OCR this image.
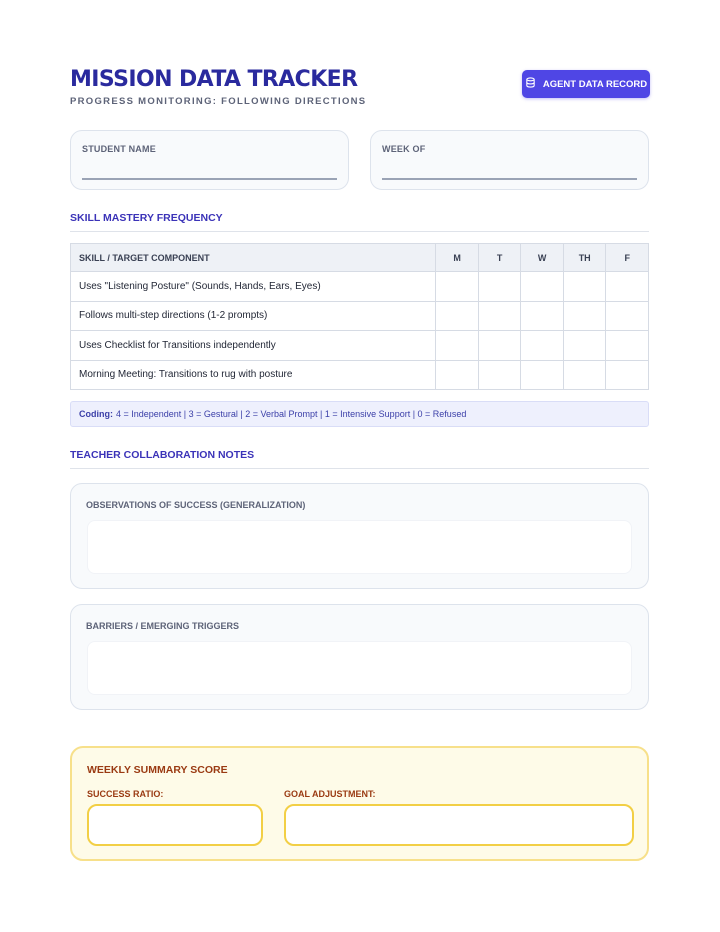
MISSION DATA TRACKER
PROGRESS MONITORING: FOLLOWING DIRECTIONS
AGENT DATA RECORD
STUDENT NAME	WEEK OF
SKILL MASTERY FREQUENCY
SKILL / TARGET COMPONENT	M	T	W	TH	F
Uses "Listening Posture" (Sounds, Hands, Ears, Eyes)					
Follows multi-step directions (1-2 prompts)					
Uses Checklist for Transitions independently					
Morning Meeting: Transitions to rug with posture					
Coding: 4 = Independent | 3 = Gestural | 2 = Verbal Prompt | 1 = Intensive Support | 0 = Refused
TEACHER COLLABORATION NOTES
OBSERVATIONS OF SUCCESS (GENERALIZATION)
BARRIERS / EMERGING TRIGGERS
WEEKLY SUMMARY SCORE
SUCCESS RATIO:	GOAL ADJUSTMENT:
